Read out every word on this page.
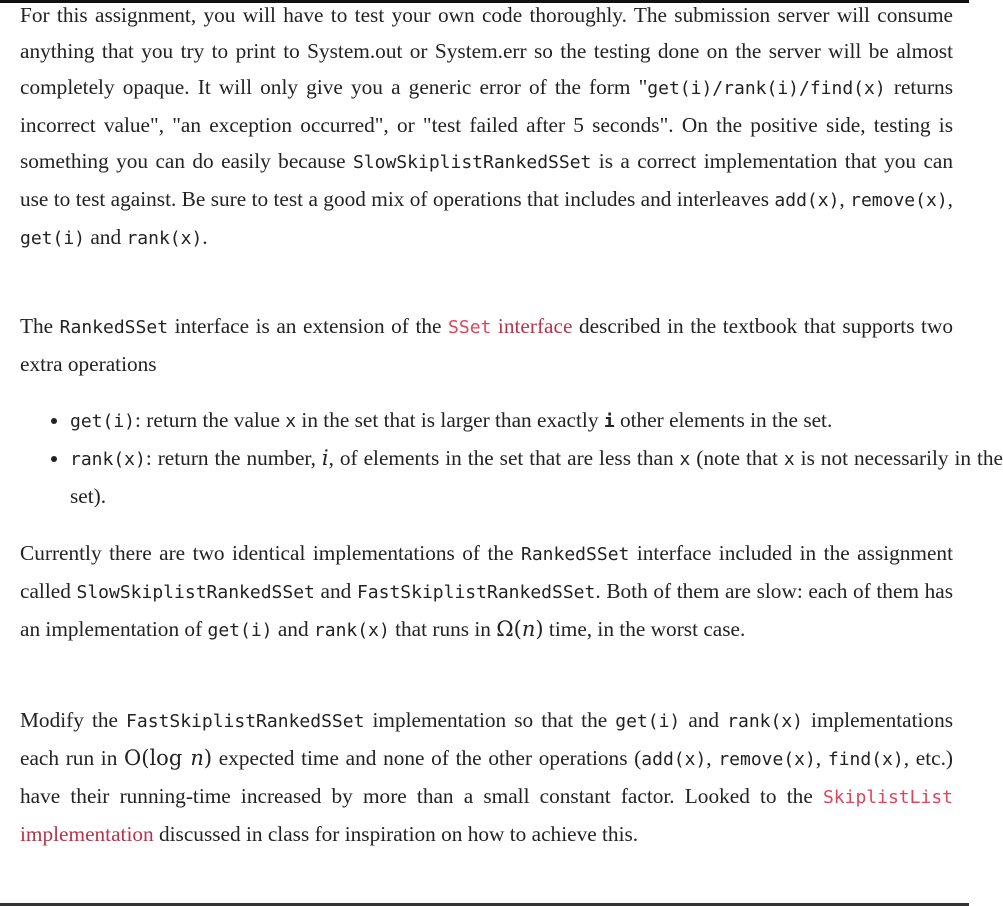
For this assignment, you will have to test your own code thoroughly. The submission server will consume anything that you try to print to System.out or System.err so the testing done on the server will be almost completely opaque. It will only give you a generic error of the form "get(i)/rank(i)/find(x) returns incorrect value", "an exception occurred", or "test failed after 5 seconds". On the positive side, testing is something you can do easily because SlowSkiplistRankedSSet is a correct implementation that you can use to test against. Be sure to test a good mix of operations that includes and interleaves add(x), remove(x), get(i) and rank(x).

The RankedSSet interface is an extension of the SSet interface described in the textbook that supports two extra operations

• get(i): return the value x in the set that is larger than exactly i other elements in the set.
• rank(x): return the number, i, of elements in the set that are less than x (note that x is not necessarily in the set).

Currently there are two identical implementations of the RankedSSet interface included in the assignment called SlowSkiplistRankedSSet and FastSkiplistRankedSSet. Both of them are slow: each of them has an implementation of get(i) and rank(x) that runs in Ω(n) time, in the worst case.

Modify the FastSkiplistRankedSSet implementation so that the get(i) and rank(x) implementations each run in O(log n) expected time and none of the other operations (add(x), remove(x), find(x), etc.) have their running-time increased by more than a small constant factor. Looked to the SkiplistList implementation discussed in class for inspiration on how to achieve this.
